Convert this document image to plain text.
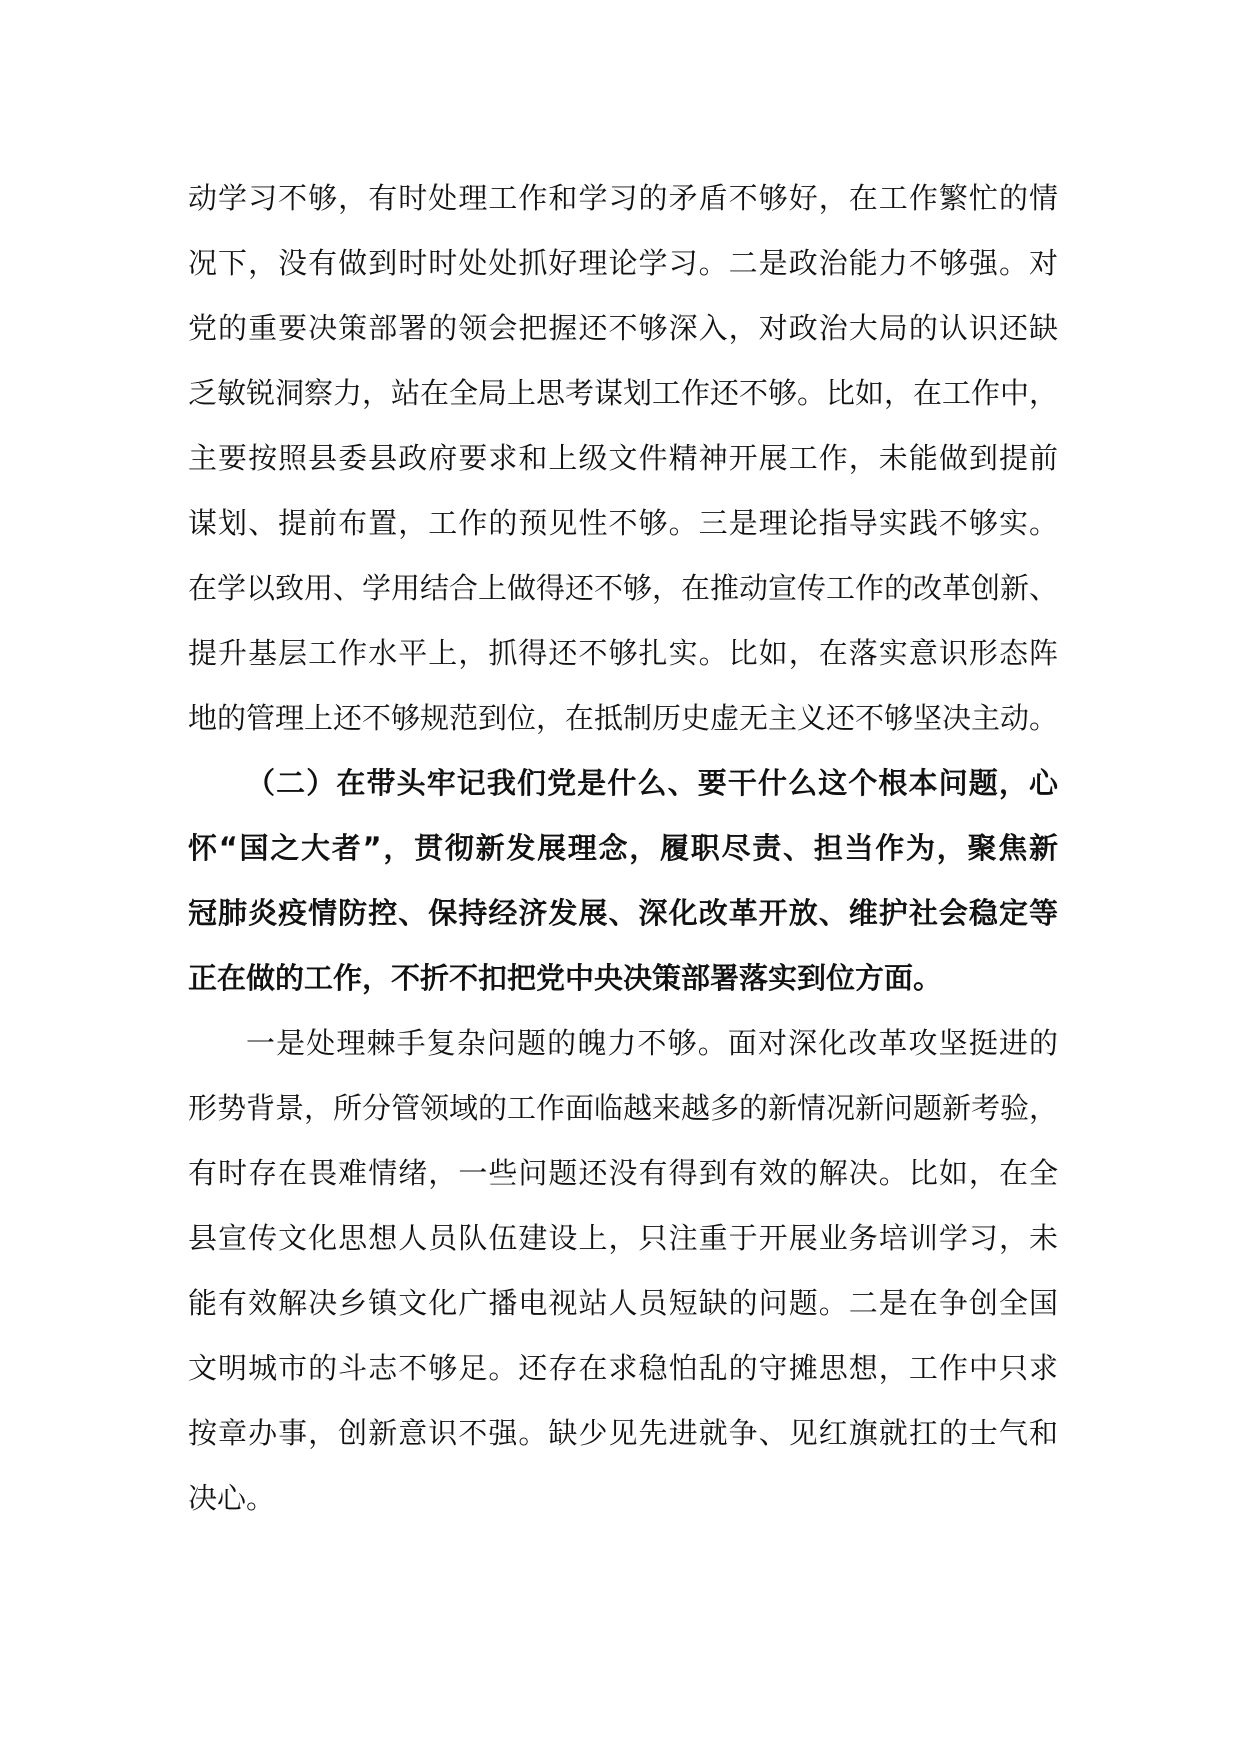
动学习不够，有时处理工作和学习的矛盾不够好，在工作繁忙的情
况下，没有做到时时处处抓好理论学习。二是政治能力不够强。对
党的重要决策部署的领会把握还不够深入，对政治大局的认识还缺
乏敏锐洞察力，站在全局上思考谋划工作还不够。比如，在工作中，
主要按照县委县政府要求和上级文件精神开展工作，未能做到提前
谋划、提前布置，工作的预见性不够。三是理论指导实践不够实。
在学以致用、学用结合上做得还不够，在推动宣传工作的改革创新、
提升基层工作水平上，抓得还不够扎实。比如，在落实意识形态阵
地的管理上还不够规范到位，在抵制历史虚无主义还不够坚决主动。
（二）在带头牢记我们党是什么、要干什么这个根本问题，心
怀“国之大者”，贯彻新发展理念，履职尽责、担当作为，聚焦新
冠肺炎疫情防控、保持经济发展、深化改革开放、维护社会稳定等
正在做的工作，不折不扣把党中央决策部署落实到位方面。
一是处理棘手复杂问题的魄力不够。面对深化改革攻坚挺进的
形势背景，所分管领域的工作面临越来越多的新情况新问题新考验，
有时存在畏难情绪，一些问题还没有得到有效的解决。比如，在全
县宣传文化思想人员队伍建设上，只注重于开展业务培训学习，未
能有效解决乡镇文化广播电视站人员短缺的问题。二是在争创全国
文明城市的斗志不够足。还存在求稳怕乱的守摊思想，工作中只求
按章办事，创新意识不强。缺少见先进就争、见红旗就扛的士气和
决心。
